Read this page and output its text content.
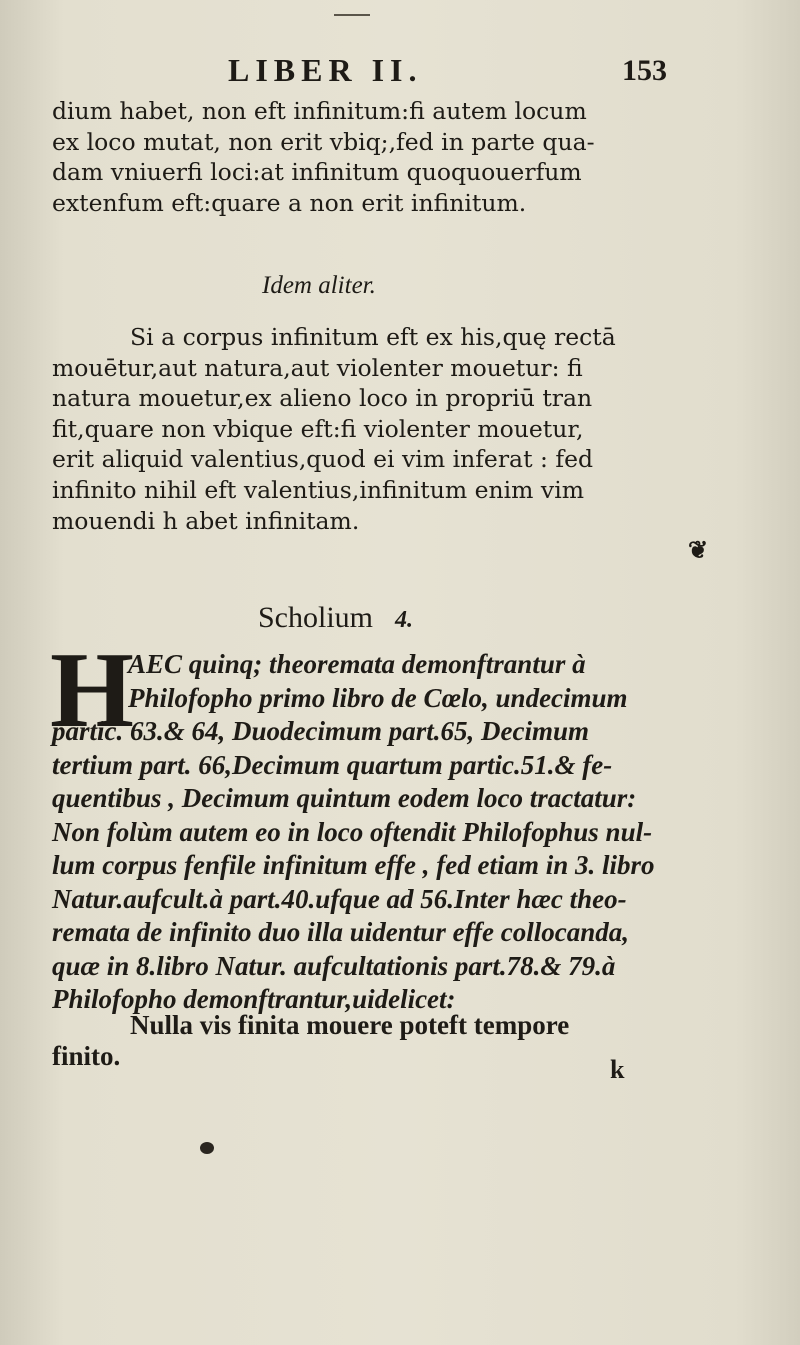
LIBER II.	153
dium habet, non eft infinitum:fi autem locum
ex loco mutat, non erit vbiq;,fed in parte qua-
dam vniuerfi loci:at infinitum quoquouerfum
extenfum eft:quare a non erit infinitum.
Idem aliter.
Si a corpus infinitum eft ex his,quę rectā
mouētur,aut natura,aut violenter mouetur: fi
natura mouetur,ex alieno loco in propriū tran
fit,quare non vbique eft:fi violenter mouetur,
erit aliquid valentius,quod ei vim inferat : fed
infinito nihil eft valentius,infinitum enim vim
mouendi h abet infinitam.
❦
Scholium 4.
H
AEC quinq; theoremata demonftrantur à
Philofopho primo libro de Cœlo, undecimum
partic. 63.& 64, Duodecimum part.65, Decimum
tertium part. 66,Decimum quartum partic.51.& fe-
quentibus , Decimum quintum eodem loco tractatur:
Non folùm autem eo in loco oftendit Philofophus nul-
lum corpus fenfile infinitum effe , fed etiam in 3. libro
Natur.aufcult.à part.40.ufque ad 56.Inter hæc theo-
remata de infinito duo illa uidentur effe collocanda,
quæ in 8.libro Natur. aufcultationis part.78.& 79.à
Philofopho demonftrantur,uidelicet:
Nulla vis finita mouere poteft tempore
finito.	k
